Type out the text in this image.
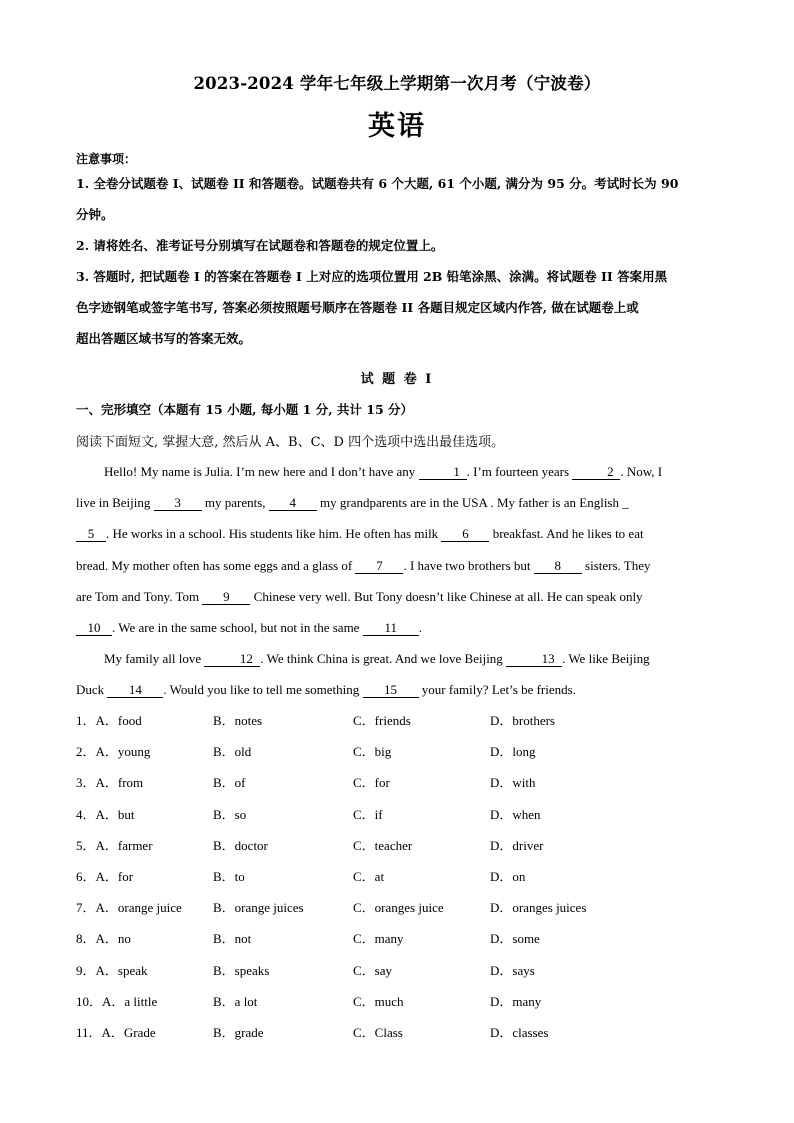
2023-2024 学年七年级上学期第一次月考（宁波卷）
英语
注意事项：
1. 全卷分试题卷 I、试题卷 II 和答题卷。试题卷共有 6 个大题, 61 个小题, 满分为 95 分。考试时长为 90
分钟。
2. 请将姓名、准考证号分别填写在试题卷和答题卷的规定位置上。
3. 答题时, 把试题卷 I 的答案在答题卷 I 上对应的选项位置用 2B 铅笔涂黑、涂满。将试题卷 II 答案用黑
色字迹钢笔或签字笔书写, 答案必须按照题号顺序在答题卷 II 各题目规定区域内作答, 做在试题卷上或
超出答题区域书写的答案无效。
试 题 卷 I
一、完形填空（本题有 15 小题, 每小题 1 分, 共计 15 分）
阅读下面短文, 掌握大意, 然后从 A、B、C、D 四个选项中选出最佳选项。
Hello! My name is Julia. I’m new here and I don’t have any	1 . I’m fourteen years	2 . Now, I
live in Beijing 3 my parents, 4 my grandparents are in the USA . My father is an English _
5 . He works in a school. His students like him. He often has milk 6 breakfast. And he likes to eat
bread. My mother often has some eggs and a glass of 7 . I have two brothers but 8 sisters. They
are Tom and Tony. Tom 9 Chinese very well. But Tony doesn’t like Chinese at all. He can speak only
10 . We are in the same school, but not in the same 11 .
My family all love	12 . We think China is great. And we love Beijing	13 . We like Beijing
Duck 14 . Would you like to tell me something 15 your family? Let’s be friends.
1．A．food	B．notes	C．friends	D．brothers
2．A．young	B．old	C．big	D．long
3．A．from	B．of	C．for	D．with
4．A．but	B．so	C．if	D．when
5．A．farmer	B．doctor	C．teacher	D．driver
6．A．for	B．to	C．at	D．on
7．A．orange juice B．orange juices	C．oranges juice	D．oranges juices
8．A．no	B．not	C．many	D．some
9．A．speak	B．speaks	C．say	D．says
10．A．a little	B．a lot	C．much	D．many
11．A．Grade	B．grade	C．Class	D．classes
